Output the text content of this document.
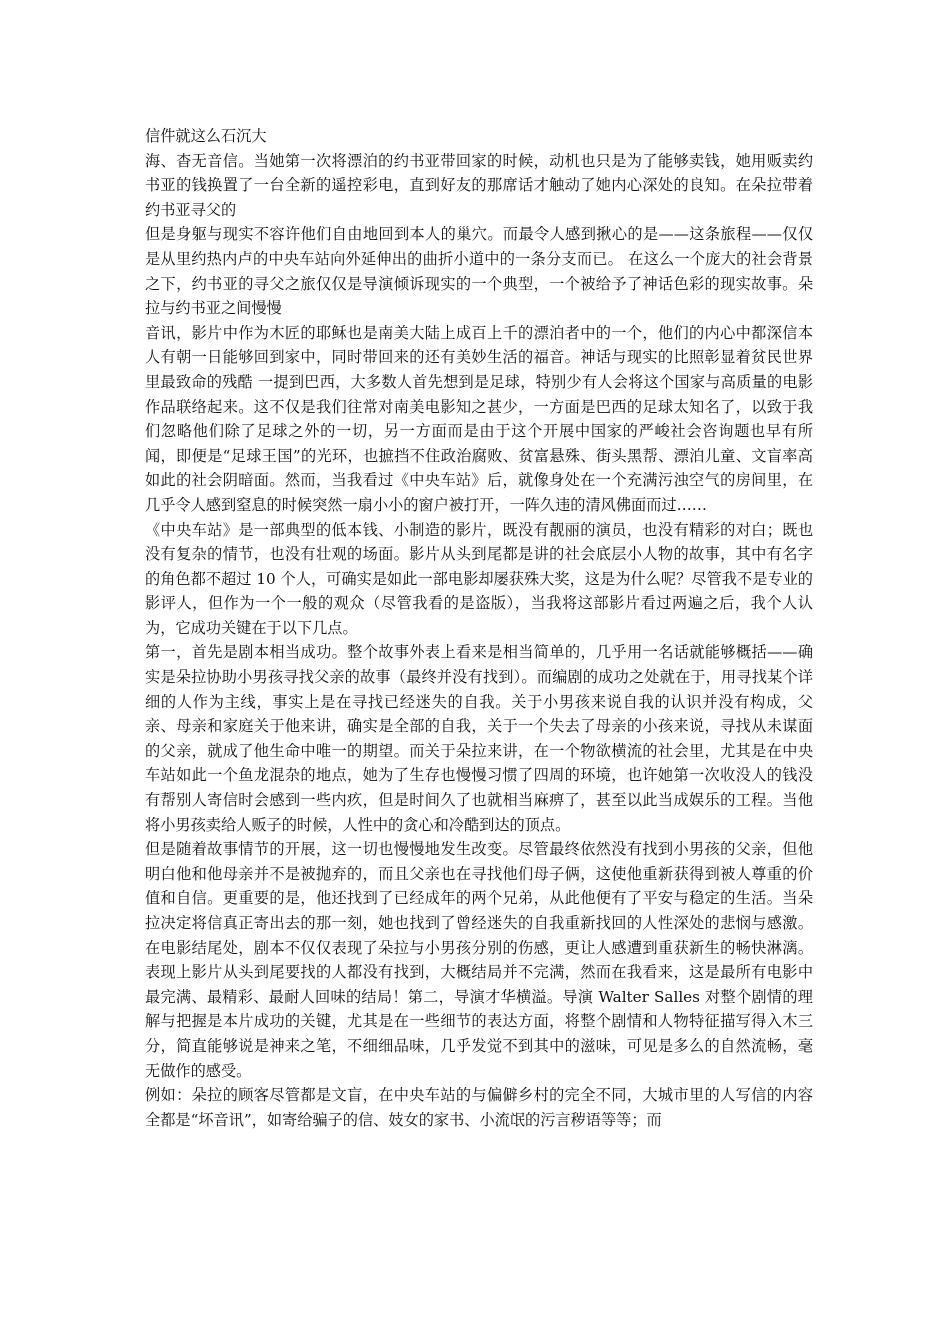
信件就这么石沉大

海、杳无音信。当她第一次将漂泊的约书亚带回家的时候，动机也只是为了能够卖钱，她用贩卖约书亚的钱换置了一台全新的遥控彩电，直到好友的那席话才触动了她内心深处的良知。在朵拉带着约书亚寻父的

但是身躯与现实不容许他们自由地回到本人的巢穴。而最令人感到揪心的是——这条旅程——仅仅是从里约热内卢的中央车站向外延伸出的曲折小道中的一条分支而已。 在这么一个庞大的社会背景之下，约书亚的寻父之旅仅仅是导演倾诉现实的一个典型，一个被给予了神话色彩的现实故事。朵拉与约书亚之间慢慢

音讯，影片中作为木匠的耶稣也是南美大陆上成百上千的漂泊者中的一个，他们的内心中都深信本人有朝一日能够回到家中，同时带回来的还有美妙生活的福音。神话与现实的比照彰显着贫民世界里最致命的残酷 一提到巴西，大多数人首先想到是足球，特别少有人会将这个国家与高质量的电影作品联络起来。这不仅是我们往常对南美电影知之甚少，一方面是巴西的足球太知名了，以致于我们忽略他们除了足球之外的一切，另一方面而是由于这个开展中国家的严峻社会咨询题也早有所闻，即便是“足球王国”的光环，也摭挡不住政治腐败、贫富悬殊、街头黑帮、漂泊儿童、文盲率高如此的社会阴暗面。然而，当我看过《中央车站》后，就像身处在一个充满污浊空气的房间里，在几乎令人感到窒息的时候突然一扇小小的窗户被打开，一阵久违的清风佛面而过……

《中央车站》是一部典型的低本钱、小制造的影片，既没有靓丽的演员，也没有精彩的对白；既也没有复杂的情节，也没有壮观的场面。影片从头到尾都是讲的社会底层小人物的故事，其中有名字的角色都不超过 10 个人，可确实是如此一部电影却屡获殊大奖，这是为什么呢？尽管我不是专业的影评人，但作为一个一般的观众（尽管我看的是盗版），当我将这部影片看过两遍之后，我个人认为，它成功关键在于以下几点。

第一，首先是剧本相当成功。整个故事外表上看来是相当简单的，几乎用一名话就能够概括——确实是朵拉协助小男孩寻找父亲的故事（最终并没有找到）。而编剧的成功之处就在于，用寻找某个详细的人作为主线，事实上是在寻找已经迷失的自我。关于小男孩来说自我的认识并没有构成，父亲、母亲和家庭关于他来讲，确实是全部的自我，关于一个失去了母亲的小孩来说，寻找从未谋面的父亲，就成了他生命中唯一的期望。而关于朵拉来讲，在一个物欲横流的社会里，尤其是在中央车站如此一个鱼龙混杂的地点，她为了生存也慢慢习惯了四周的环境，也许她第一次收没人的钱没有帮别人寄信时会感到一些内疚，但是时间久了也就相当麻痹了，甚至以此当成娱乐的工程。当他将小男孩卖给人贩子的时候，人性中的贪心和冷酷到达的顶点。

但是随着故事情节的开展，这一切也慢慢地发生改变。尽管最终依然没有找到小男孩的父亲，但他明白他和他母亲并不是被抛弃的，而且父亲也在寻找他们母子俩，这使他重新获得到被人尊重的价值和自信。更重要的是，他还找到了已经成年的两个兄弟，从此他便有了平安与稳定的生活。当朵拉决定将信真正寄出去的那一刻，她也找到了曾经迷失的自我重新找回的人性深处的悲悯与感激。在电影结尾处，剧本不仅仅表现了朵拉与小男孩分别的伤感，更让人感遭到重获新生的畅快淋漓。表现上影片从头到尾要找的人都没有找到，大概结局并不完满，然而在我看来，这是最所有电影中最完满、最精彩、最耐人回味的结局！第二，导演才华横溢。导演 Walter Salles 对整个剧情的理解与把握是本片成功的关键，尤其是在一些细节的表达方面，将整个剧情和人物特征描写得入木三分，简直能够说是神来之笔，不细细品味，几乎发觉不到其中的滋味，可见是多么的自然流畅，毫无做作的感受。

例如：朵拉的顾客尽管都是文盲，在中央车站的与偏僻乡村的完全不同，大城市里的人写信的内容全都是“坏音讯”，如寄给骗子的信、妓女的家书、小流氓的污言秽语等等；而
